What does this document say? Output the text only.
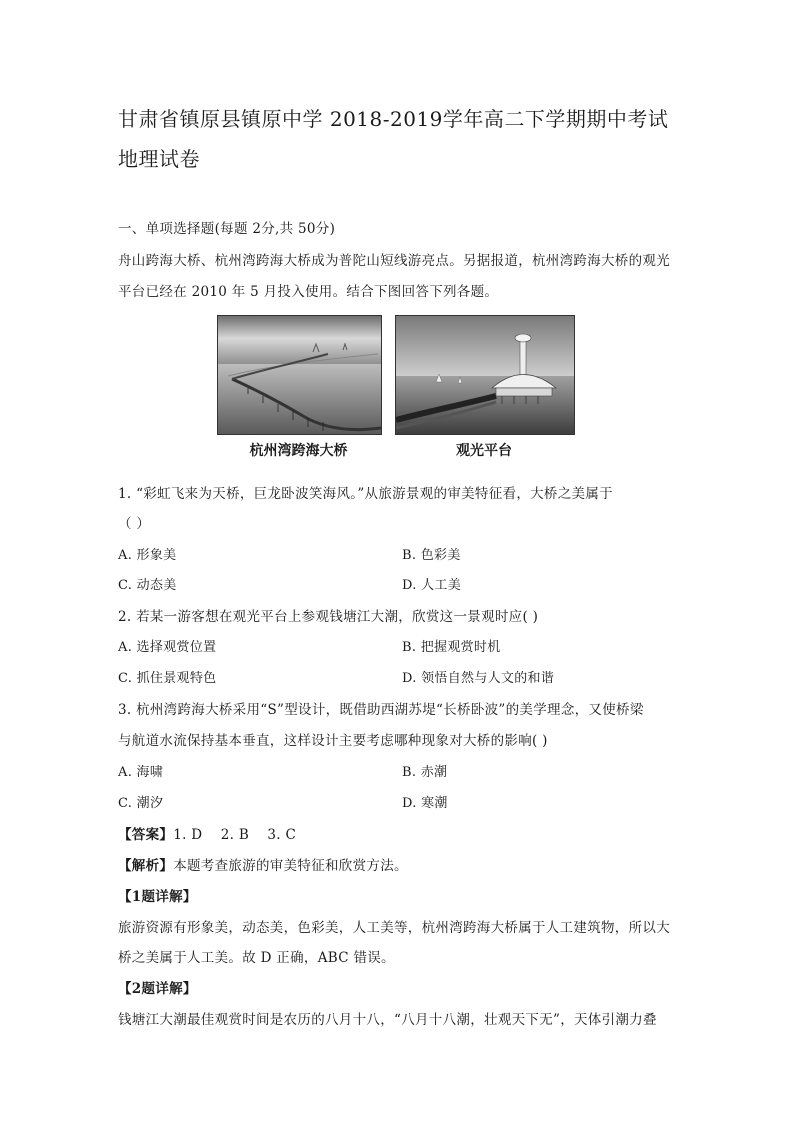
甘肃省镇原县镇原中学 2018-2019学年高二下学期期中考试
地理试卷
一、单项选择题(每题 2分,共 50分)
舟山跨海大桥、杭州湾跨海大桥成为普陀山短线游亮点。另据报道，杭州湾跨海大桥的观光
平台已经在 2010 年 5 月投入使用。结合下图回答下列各题。
杭州湾跨海大桥	观光平台
1. “彩虹飞来为天桥，巨龙卧波笑海风。”从旅游景观的审美特征看，大桥之美属于
（ ）
A. 形象美	B. 色彩美
C. 动态美	D. 人工美
2. 若某一游客想在观光平台上参观钱塘江大潮，欣赏这一景观时应( )
A. 选择观赏位置	B. 把握观赏时机
C. 抓住景观特色	D. 领悟自然与人文的和谐
3. 杭州湾跨海大桥采用“S”型设计，既借助西湖苏堤“长桥卧波”的美学理念，又使桥梁
与航道水流保持基本垂直，这样设计主要考虑哪种现象对大桥的影响( )
A. 海啸	B. 赤潮
C. 潮汐	D. 寒潮
【答案】1. D    2. B    3. C
【解析】本题考查旅游的审美特征和欣赏方法。
【1题详解】
旅游资源有形象美，动态美，色彩美，人工美等，杭州湾跨海大桥属于人工建筑物，所以大
桥之美属于人工美。故 D 正确，ABC 错误。
【2题详解】
钱塘江大潮最佳观赏时间是农历的八月十八，“八月十八潮，壮观天下无”，天体引潮力叠
